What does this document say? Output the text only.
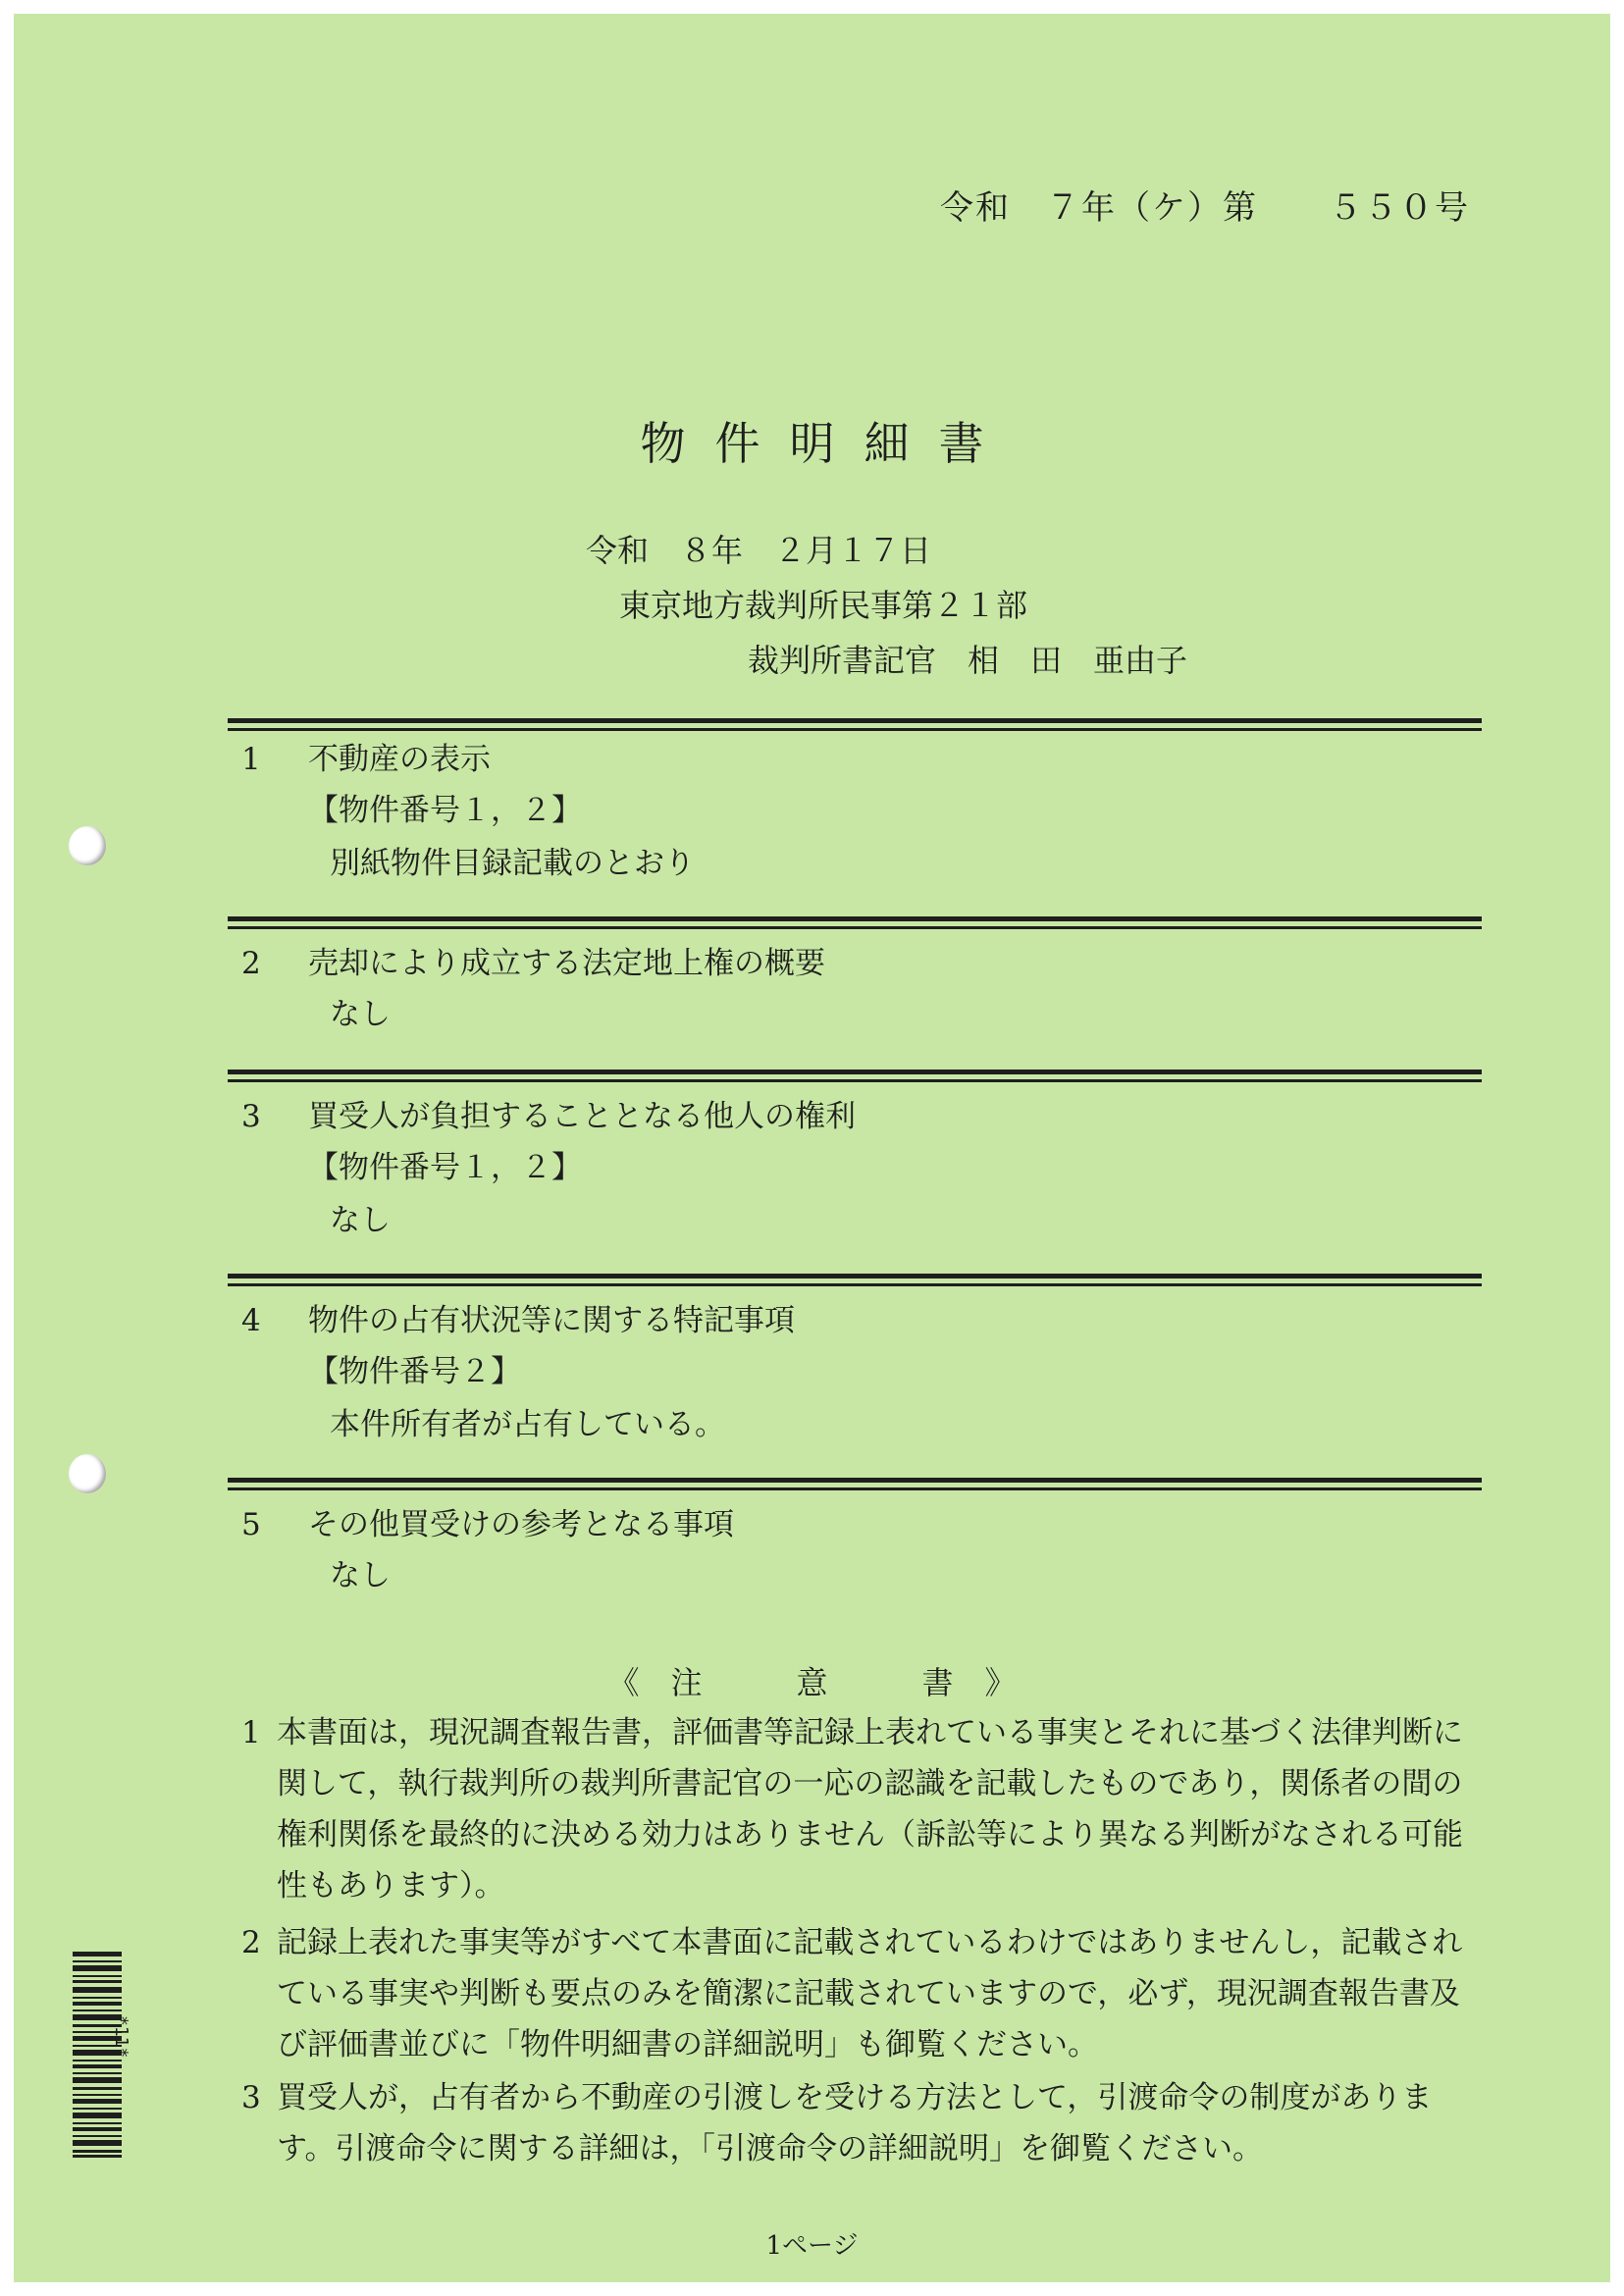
令和　７年（ケ）第　　５５０号
物件明細書
令和　８年　２月１７日
東京地方裁判所民事第２１部
裁判所書記官　相　田　亜由子
1 不動産の表示
【物件番号１，２】
別紙物件目録記載のとおり
2 売却により成立する法定地上権の概要
なし
3 買受人が負担することとなる他人の権利
【物件番号１，２】
なし
4 物件の占有状況等に関する特記事項
【物件番号２】
本件所有者が占有している。
5 その他買受けの参考となる事項
なし
《　注　　　意　　　書　》
1 本書面は，現況調査報告書，評価書等記録上表れている事実とそれに基づく法律判断に関して，執行裁判所の裁判所書記官の一応の認識を記載したものであり，関係者の間の権利関係を最終的に決める効力はありません（訴訟等により異なる判断がなされる可能性もあります）。
2 記録上表れた事実等がすべて本書面に記載されているわけではありませんし，記載されている事実や判断も要点のみを簡潔に記載されていますので，必ず，現況調査報告書及び評価書並びに「物件明細書の詳細説明」も御覧ください。
3 買受人が，占有者から不動産の引渡しを受ける方法として，引渡命令の制度があります。引渡命令に関する詳細は，「引渡命令の詳細説明」を御覧ください。
*11*
1ページ
